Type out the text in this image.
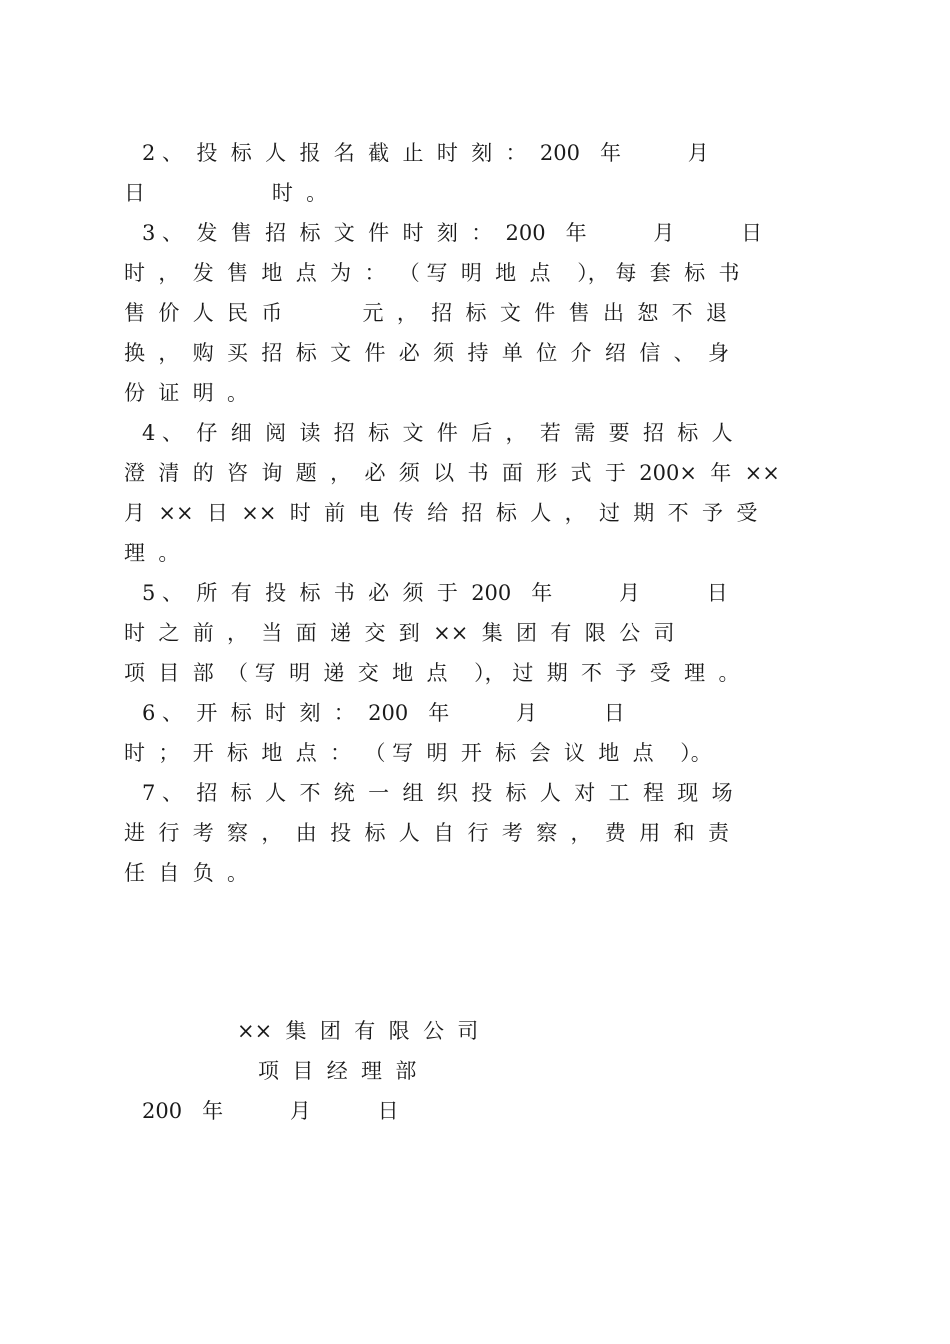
2 、  投  标  人  报  名  截  止  时  刻  ：  200   年          月
日                   时  。
3 、  发  售  招  标  文  件  时  刻  ：  200   年          月          日
时  ，  发  售  地  点  为  ：  （ 写  明  地  点    ）， 每  套  标  书
售  价  人  民  币            元  ，  招  标  文  件  售  出  恕  不  退
换  ，  购  买  招  标  文  件  必  须  持  单  位  介  绍  信  、  身
份  证  明  。
4 、  仔  细  阅  读  招  标  文  件  后  ，  若  需  要  招  标  人
澄  清  的  咨  询  题  ，  必  须  以  书  面  形  式  于  200×  年  ××
月  ××  日  ××  时  前  电  传  给  招  标  人  ，  过  期  不  予  受
理  。
5 、  所  有  投  标  书  必  须  于  200   年          月          日
时  之  前  ，  当  面  递  交  到  ××  集  团  有  限  公  司
项  目  部  （ 写  明  递  交  地  点    ）， 过  期  不  予  受  理  。
6 、  开  标  时  刻  ：  200   年          月          日
时  ；  开  标  地  点  ：  （ 写  明  开  标  会  议  地  点    ）。
7 、  招  标  人  不  统  一  组  织  投  标  人  对  工  程  现  场
进  行  考  察  ，  由  投  标  人  自  行  考  察  ，  费  用  和  责
任  自  负  。
××  集  团  有  限  公  司
项  目  经  理  部
200   年          月          日
